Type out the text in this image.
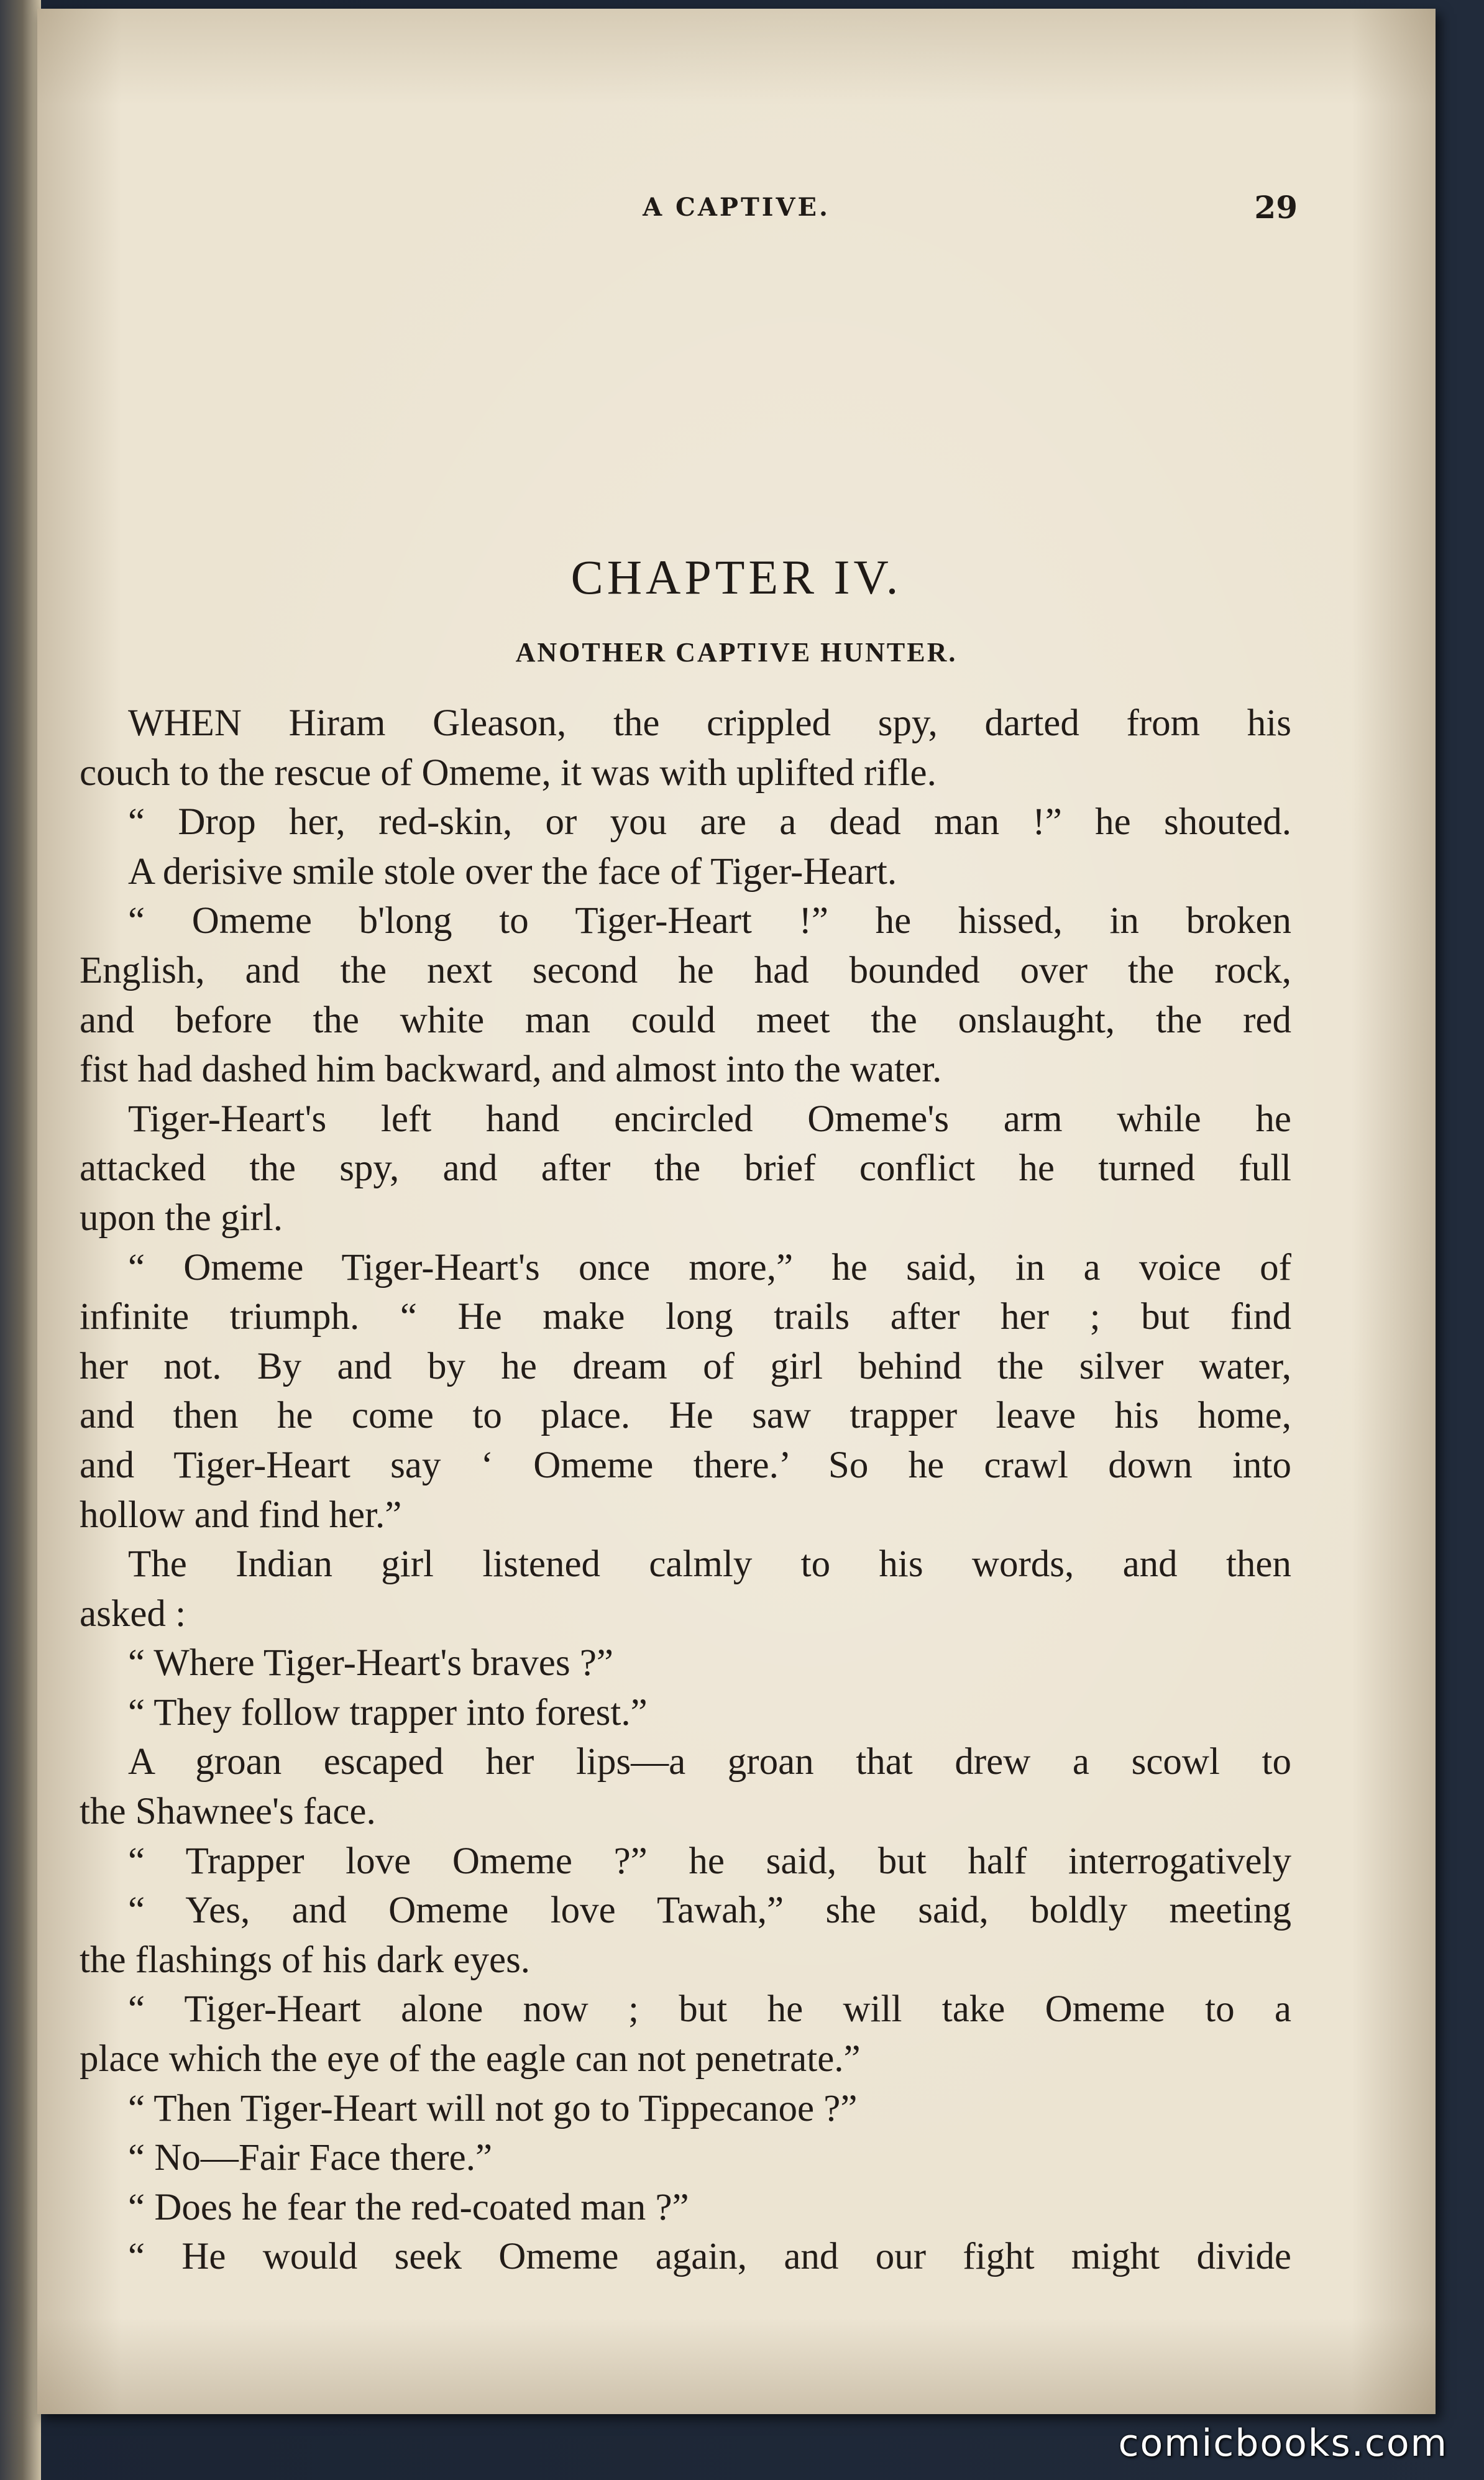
A CAPTIVE.	29
CHAPTER IV.
ANOTHER CAPTIVE HUNTER.
WHEN Hiram Gleason, the crippled spy, darted from his
couch to the rescue of Omeme, it was with uplifted rifle.
“ Drop her, red-skin, or you are a dead man !” he shouted.
A derisive smile stole over the face of Tiger-Heart.
“ Omeme b'long to Tiger-Heart !” he hissed, in broken
English, and the next second he had bounded over the rock,
and before the white man could meet the onslaught, the red
fist had dashed him backward, and almost into the water.
Tiger-Heart's left hand encircled Omeme's arm while he
attacked the spy, and after the brief conflict he turned full
upon the girl.
“ Omeme Tiger-Heart's once more,” he said, in a voice of
infinite triumph. “ He make long trails after her ; but find
her not. By and by he dream of girl behind the silver water,
and then he come to place. He saw trapper leave his home,
and Tiger-Heart say ‘ Omeme there.’ So he crawl down into
hollow and find her.”
The Indian girl listened calmly to his words, and then
asked :
“ Where Tiger-Heart's braves ?”
“ They follow trapper into forest.”
A groan escaped her lips—a groan that drew a scowl to
the Shawnee's face.
“ Trapper love Omeme ?” he said, but half interrogatively
“ Yes, and Omeme love Tawah,” she said, boldly meeting
the flashings of his dark eyes.
“ Tiger-Heart alone now ; but he will take Omeme to a
place which the eye of the eagle can not penetrate.”
“ Then Tiger-Heart will not go to Tippecanoe ?”
“ No—Fair Face there.”
“ Does he fear the red-coated man ?”
“ He would seek Omeme again, and our fight might divide
comicbooks.com
